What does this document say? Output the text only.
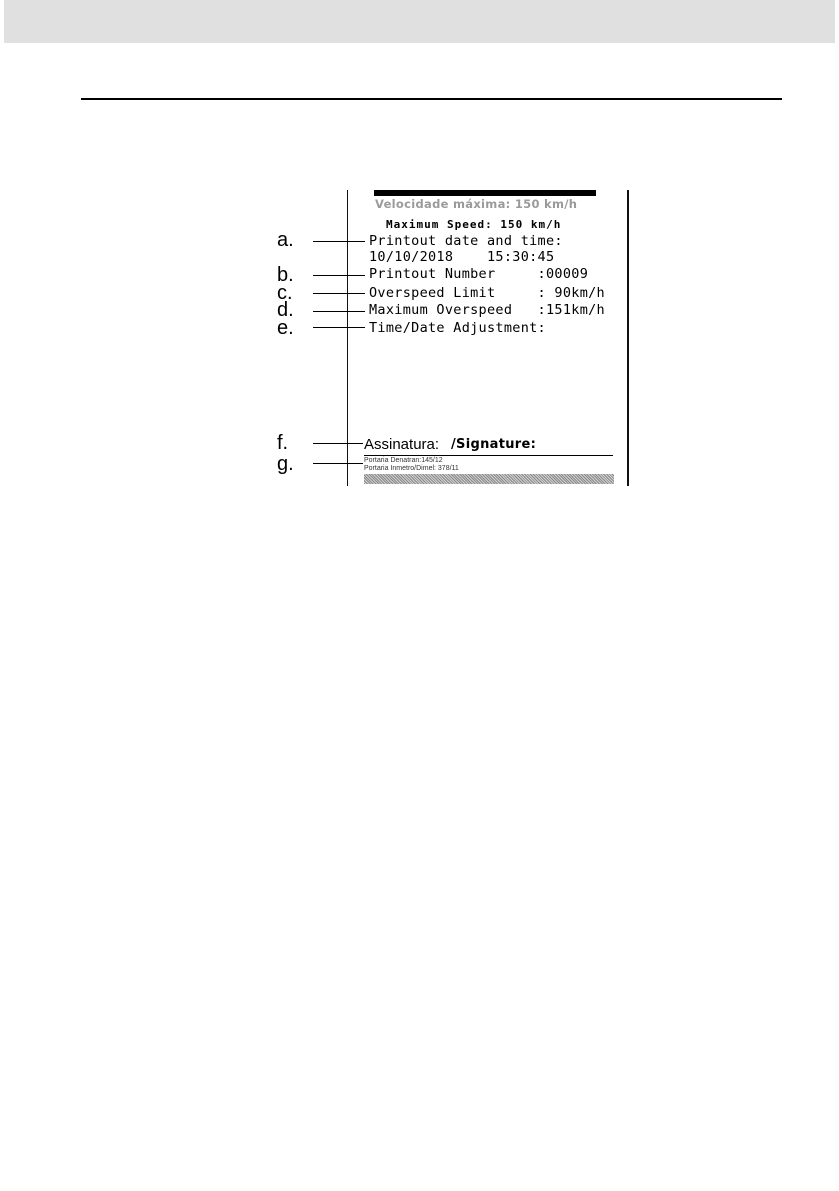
Velocidade máxima: 150 km/h
Maximum Speed: 150 km/h
Printout date and time:
10/10/2018    15:30:45
Printout Number     :00009
Overspeed Limit     : 90km/h
Maximum Overspeed   :151km/h
Time/Date Adjustment:
Assinatura: /Signature:
Portaria Denatran:145/12
Portaria Inmetro/Dimel: 378/11
a.
b.
c.
d.
e.
f.
g.
